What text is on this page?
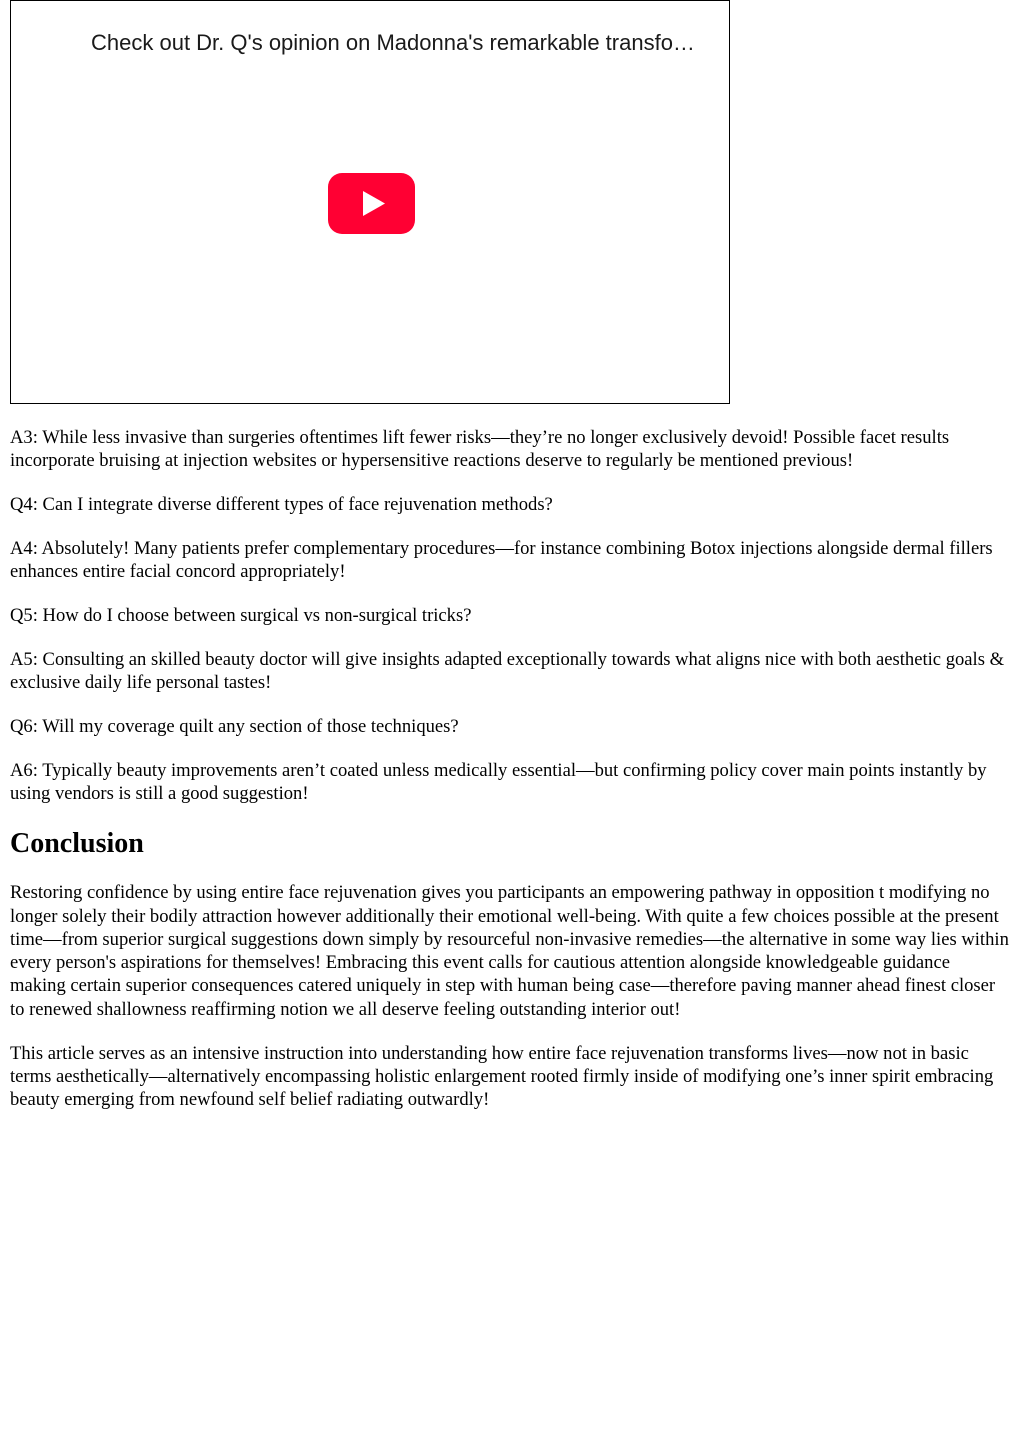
Check out Dr. Q's opinion on Madonna's remarkable transfo…

A3: While less invasive than surgeries oftentimes lift fewer risks—they’re no longer exclusively devoid! Possible facet results incorporate bruising at injection websites or hypersensitive reactions deserve to regularly be mentioned previous!

Q4: Can I integrate diverse different types of face rejuvenation methods?

A4: Absolutely! Many patients prefer complementary procedures—for instance combining Botox injections alongside dermal fillers enhances entire facial concord appropriately!

Q5: How do I choose between surgical vs non-surgical tricks?

A5: Consulting an skilled beauty doctor will give insights adapted exceptionally towards what aligns nice with both aesthetic goals & exclusive daily life personal tastes!

Q6: Will my coverage quilt any section of those techniques?

A6: Typically beauty improvements aren’t coated unless medically essential—but confirming policy cover main points instantly by using vendors is still a good suggestion!

Conclusion

Restoring confidence by using entire face rejuvenation gives you participants an empowering pathway in opposition t modifying no longer solely their bodily attraction however additionally their emotional well-being. With quite a few choices possible at the present time—from superior surgical suggestions down simply by resourceful non-invasive remedies—the alternative in some way lies within every person's aspirations for themselves! Embracing this event calls for cautious attention alongside knowledgeable guidance making certain superior consequences catered uniquely in step with human being case—therefore paving manner ahead finest closer to renewed shallowness reaffirming notion we all deserve feeling outstanding interior out!

This article serves as an intensive instruction into understanding how entire face rejuvenation transforms lives—now not in basic terms aesthetically—alternatively encompassing holistic enlargement rooted firmly inside of modifying one’s inner spirit embracing beauty emerging from newfound self belief radiating outwardly!
